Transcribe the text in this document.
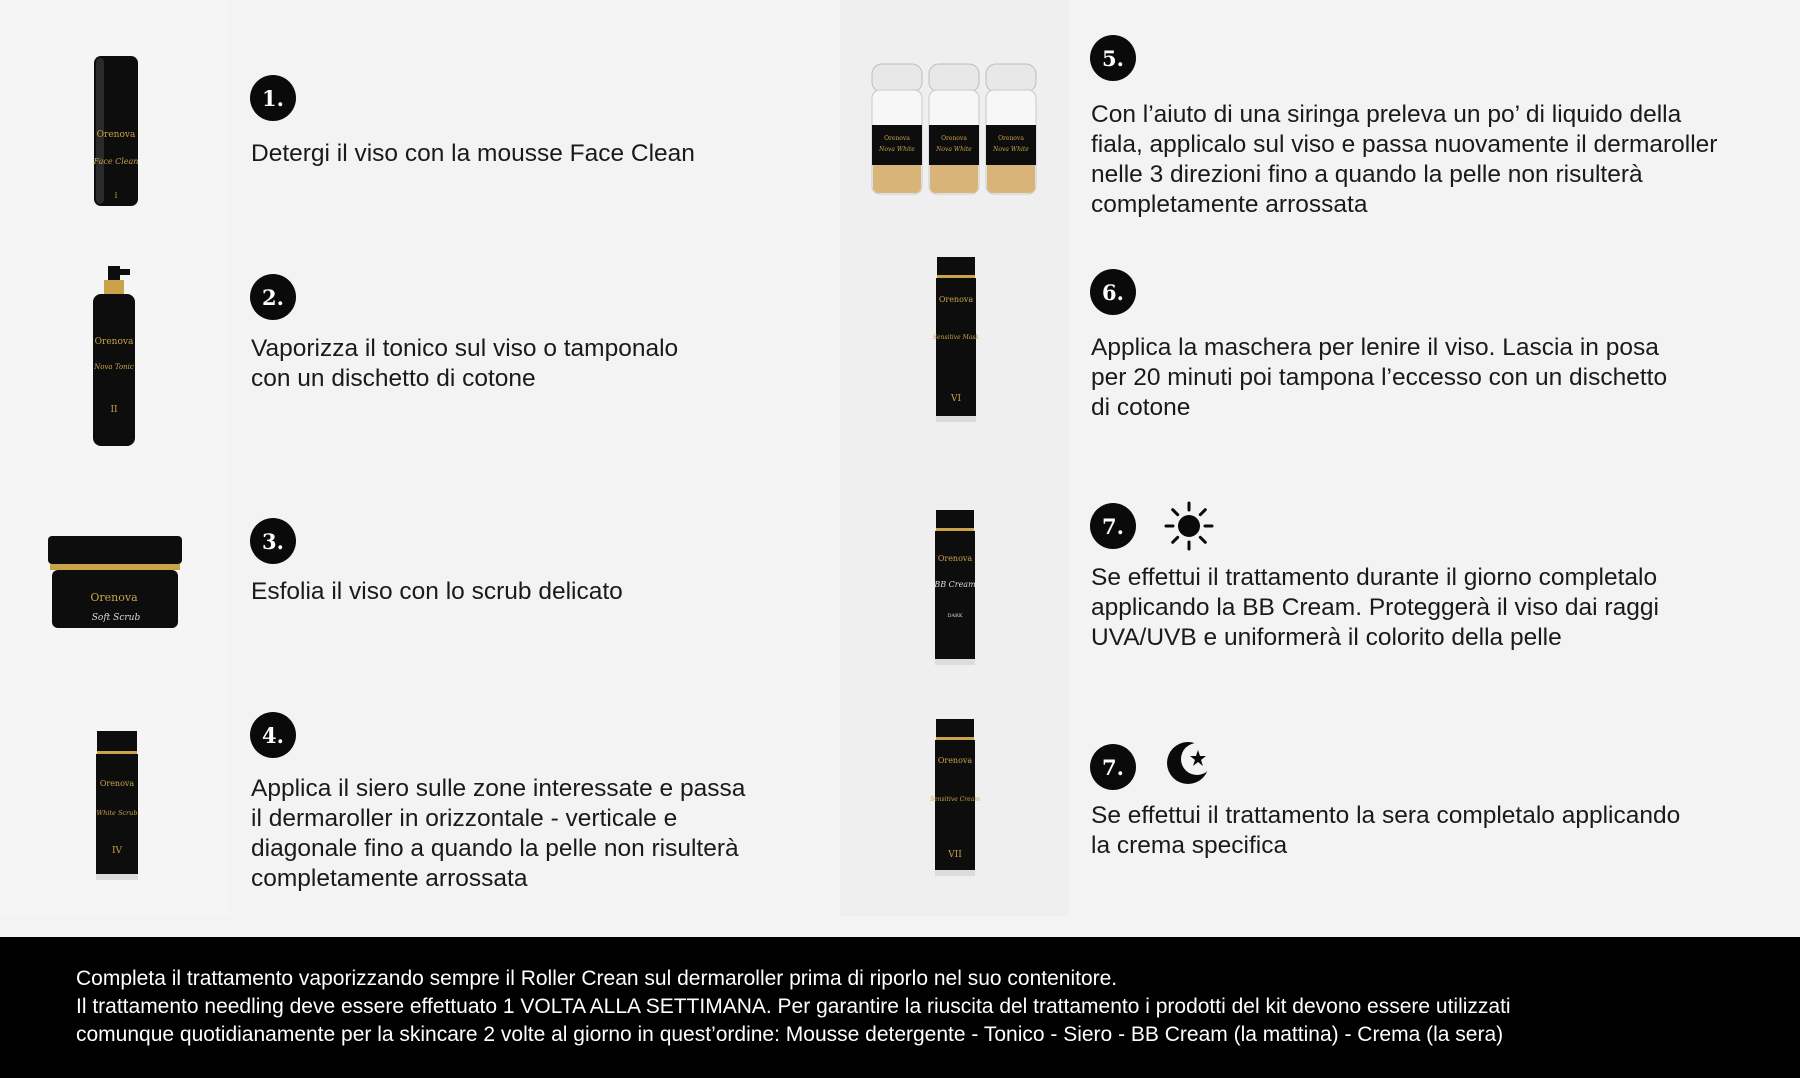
Orenova
Face Clean
I
1.
Detergi il viso con la mousse Face Clean
Orenova
Nova Tonic
II
2.
Vaporizza il tonico sul viso o tamponalo
con un dischetto di cotone
Orenova
Soft Scrub
3.
Esfolia il viso con lo scrub delicato
Orenova
White Scrub
IV
4.
Applica il siero sulle zone interessate e passa
il dermaroller in orizzontale - verticale e
diagonale fino a quando la pelle non risulterà
completamente arrossata
Orenova
Nova White
Orenova
Nova White
Orenova
Nova White
5.
Con l’aiuto di una siringa preleva un po’ di liquido della
fiala, applicalo sul viso e passa nuovamente il dermaroller
nelle 3 direzioni fino a quando la pelle non risulterà
completamente arrossata
Orenova
Sensitive Mask
VI
6.
Applica la maschera per lenire il viso. Lascia in posa
per 20 minuti poi tampona l’eccesso con un dischetto
di cotone
Orenova
BB Cream
DARK
7.
Se effettui il trattamento durante il giorno completalo
applicando la BB Cream. Proteggerà il viso dai raggi
UVA/UVB e uniformerà il colorito della pelle
Orenova
Sensitive Cream
VII
7.
Se effettui il trattamento la sera completalo applicando
la crema specifica

Completa il trattamento vaporizzando sempre il Roller Crean sul dermaroller prima di riporlo nel suo contenitore.

Il trattamento needling deve essere effettuato 1 VOLTA ALLA SETTIMANA. Per garantire la riuscita del trattamento i prodotti del kit devono essere utilizzati

comunque quotidianamente per la skincare 2 volte al giorno in quest’ordine: Mousse detergente - Tonico - Siero - BB Cream (la mattina) - Crema (la sera)
